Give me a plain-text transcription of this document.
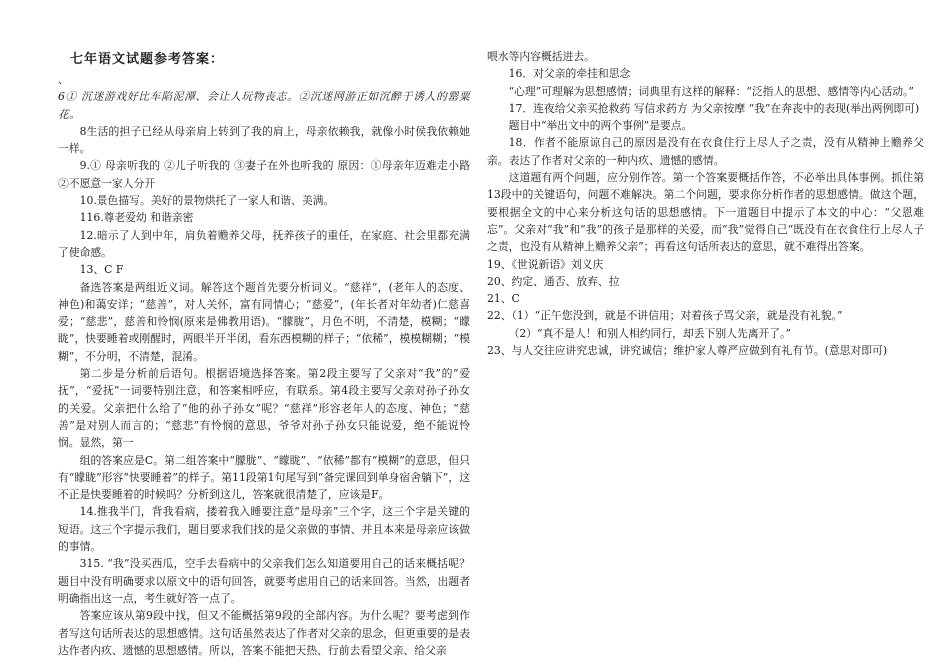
七年语文试题参考答案：

、

6① 沉迷游戏好比车陷泥潭、会让人玩物丧志。②沉迷网游正如沉醉于诱人的罂粟花。

8生活的担子已经从母亲肩上转到了我的肩上，母亲依赖我，就像小时侯我依赖她一样。

9.① 母亲听我的 ②儿子听我的 ③妻子在外也听我的 原因：①母亲年迈难走小路②不愿意一家人分开

10.景色描写。美好的景物烘托了一家人和谐、美满。

116.尊老爱幼 和谐亲密

12.暗示了人到中年，肩负着赡养父母，抚养孩子的重任，在家庭、社会里都充满了使命感。

13、C F

备选答案是两组近义词。解答这个题首先要分析词义。“慈祥”，(老年人的态度、神色)和蔼安详；“慈善”，对人关怀，富有同情心；“慈爱”，(年长者对年幼者)仁慈喜爱；“慈悲”，慈善和怜悯(原来是佛教用语)。“朦胧”，月色不明，不清楚，模糊；“矇眬”，快要睡着或刚醒时，两眼半开半闭，看东西模糊的样子；“依稀”，模模糊糊；“模糊”，不分明，不清楚，混淆。

第二步是分析前后语句。根据语境选择答案。第2段主要写了父亲对“我”的“爱抚”，“爱抚”一词要特别注意，和答案相呼应，有联系。第4段主要写父亲对孙子孙女的关爱。父亲把什么给了“他的孙子孙女”呢？“慈祥”形容老年人的态度、神色；“慈善”是对别人而言的；“慈悲”有怜悯的意思，爷爷对孙子孙女只能说爱，绝不能说怜悯。显然，第一

组的答案应是C。第二组答案中“朦胧”、“矇眬”、“依稀”都有“模糊”的意思，但只有“矇眬”形容“快要睡着”的样子。第11段第1句尾写到“备完课回到单身宿舍躺下”，这不正是快要睡着的时候吗？分析到这儿，答案就很清楚了，应该是F。

14.推我半门，背我看病，搂着我入睡要注意“是母亲”三个字，这三个字是关键的短语。这三个字提示我们，题目要求我们找的是父亲做的事情、并且本来是母亲应该做的事情。

315. “我”没买西瓜，空手去看病中的父亲我们怎么知道要用自己的话来概括呢？题目中没有明确要求以原文中的语句回答，就要考虑用自己的话来回答。当然，出题者明确指出这一点，考生就好答一点了。

答案应该从第9段中找，但又不能概括第9段的全部内容。为什么呢？要考虑到作者写这句话所表达的思想感情。这句话虽然表达了作者对父亲的思念，但更重要的是表达作者内疚、遗憾的思想感情。所以，答案不能把天热、行前去看望父亲、给父亲

喂水等内容概括进去。

16．对父亲的牵挂和思念

“心理”可理解为思想感情；词典里有这样的解释：“泛指人的思想、感情等内心活动。”

17．连夜给父亲买抢救药 写信求药方 为父亲按摩 “我”在奔丧中的表现(举出两例即可)

题目中“举出文中的两个事例”是要点。

18．作者不能原谅自己的原因是没有在衣食住行上尽人子之责，没有从精神上赡养父亲。表达了作者对父亲的一种内疚、遗憾的感情。

这道题有两个问题，应分别作答。第一个答案要概括作答，不必举出具体事例。抓住第13段中的关键语句，问题不难解决。第二个问题，要求你分析作者的思想感情。做这个题，要根据全文的中心来分析这句话的思想感情。下一道题目中提示了本文的中心：“父恩难忘”。父亲对“我”和“我”的孩子是那样的关爱，而“我”觉得自己“既没有在衣食住行上尽人子之责，也没有从精神上赡养父亲”；再看这句话所表达的意思，就不难得出答案。

19、《世说新语》刘义庆

20、约定、通否、放弃、拉

21、C

22、（1）“正午您没到，就是不讲信用；对着孩子骂父亲，就是没有礼貌。”

（2）“真不是人！和别人相约同行，却丢下别人先离开了。”

23、与人交往应讲究忠诚，讲究诚信；维护家人尊严应做到有礼有节。(意思对即可)
